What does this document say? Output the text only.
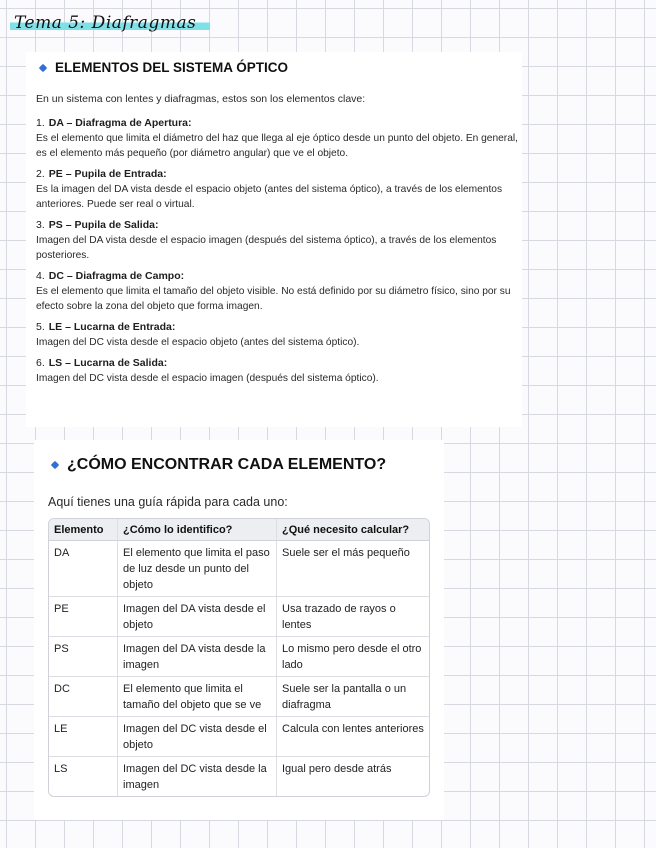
Tema 5: Diafragmas
ELEMENTOS DEL SISTEMA ÓPTICO
En un sistema con lentes y diafragmas, estos son los elementos clave:
1. DA – Diafragma de Apertura:
Es el elemento que limita el diámetro del haz que llega al eje óptico desde un punto del objeto. En general, es el elemento más pequeño (por diámetro angular) que ve el objeto.
2. PE – Pupila de Entrada:
Es la imagen del DA vista desde el espacio objeto (antes del sistema óptico), a través de los elementos anteriores. Puede ser real o virtual.
3. PS – Pupila de Salida:
Imagen del DA vista desde el espacio imagen (después del sistema óptico), a través de los elementos posteriores.
4. DC – Diafragma de Campo:
Es el elemento que limita el tamaño del objeto visible. No está definido por su diámetro físico, sino por su efecto sobre la zona del objeto que forma imagen.
5. LE – Lucarna de Entrada:
Imagen del DC vista desde el espacio objeto (antes del sistema óptico).
6. LS – Lucarna de Salida:
Imagen del DC vista desde el espacio imagen (después del sistema óptico).
¿CÓMO ENCONTRAR CADA ELEMENTO?
Aquí tienes una guía rápida para cada uno:
Elemento	¿Cómo lo identifico?	¿Qué necesito calcular?
DA	El elemento que limita el paso de luz desde un punto del objeto	Suele ser el más pequeño
PE	Imagen del DA vista desde el objeto	Usa trazado de rayos o lentes
PS	Imagen del DA vista desde la imagen	Lo mismo pero desde el otro lado
DC	El elemento que limita el tamaño del objeto que se ve	Suele ser la pantalla o un diafragma
LE	Imagen del DC vista desde el objeto	Calcula con lentes anteriores
LS	Imagen del DC vista desde la imagen	Igual pero desde atrás
